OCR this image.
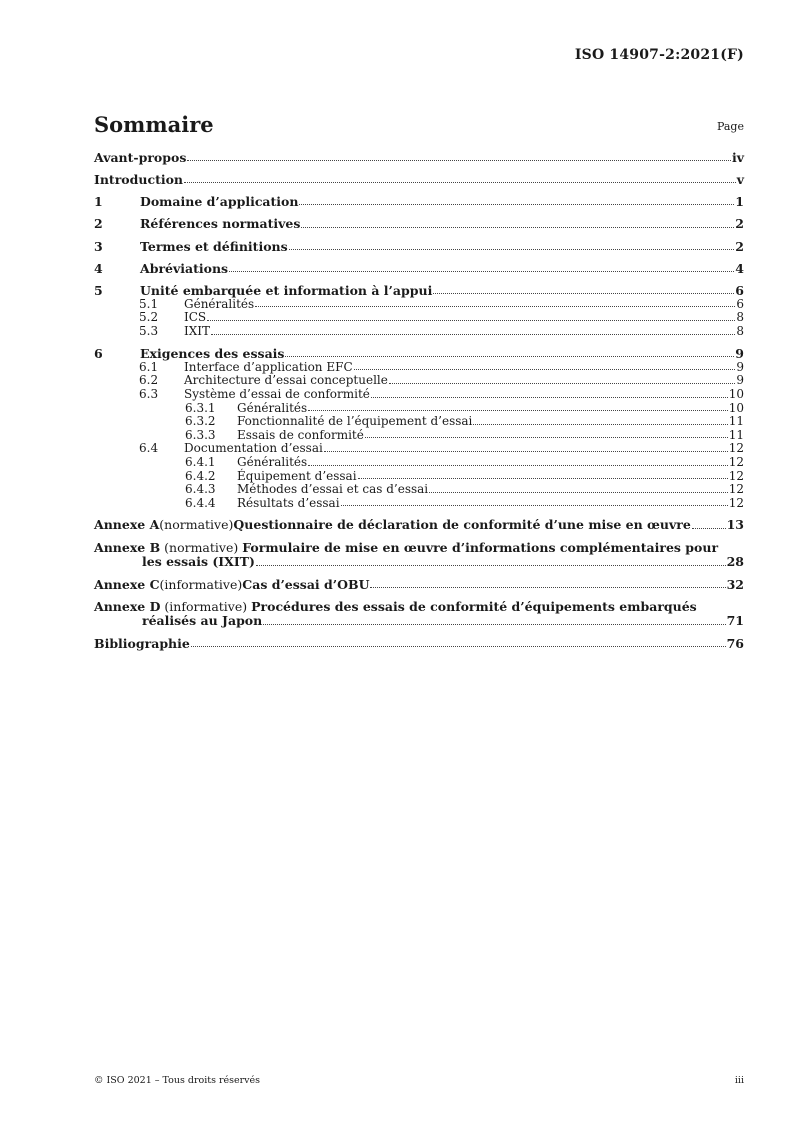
ISO 14907-2:2021(F)
Sommaire	Page
Avant-propos	iv
Introduction	v
1	Domaine d’application	1
2	Références normatives	2
3	Termes et définitions	2
4	Abréviations	4
5	Unité embarquée et information à l’appui	6
5.1	Généralités	6
5.2	ICS	8
5.3	IXIT	8
6	Exigences des essais	9
6.1	Interface d’application EFC	9
6.2	Architecture d’essai conceptuelle	9
6.3	Système d’essai de conformité	10
6.3.1	Généralités	10
6.3.2	Fonctionnalité de l’équipement d’essai	11
6.3.3	Essais de conformité	11
6.4	Documentation d’essai	12
6.4.1	Généralités	12
6.4.2	Équipement d’essai	12
6.4.3	Méthodes d’essai et cas d’essai	12
6.4.4	Résultats d’essai	12
Annexe A (normative) Questionnaire de déclaration de conformité d’une mise en œuvre	13
Annexe B (normative) Formulaire de mise en œuvre d’informations complémentaires pour
les essais (IXIT)	28
Annexe C (informative) Cas d’essai d’OBU	32
Annexe D (informative) Procédures des essais de conformité d’équipements embarqués
réalisés au Japon	71
Bibliographie	76
© ISO 2021 – Tous droits réservés	iii
